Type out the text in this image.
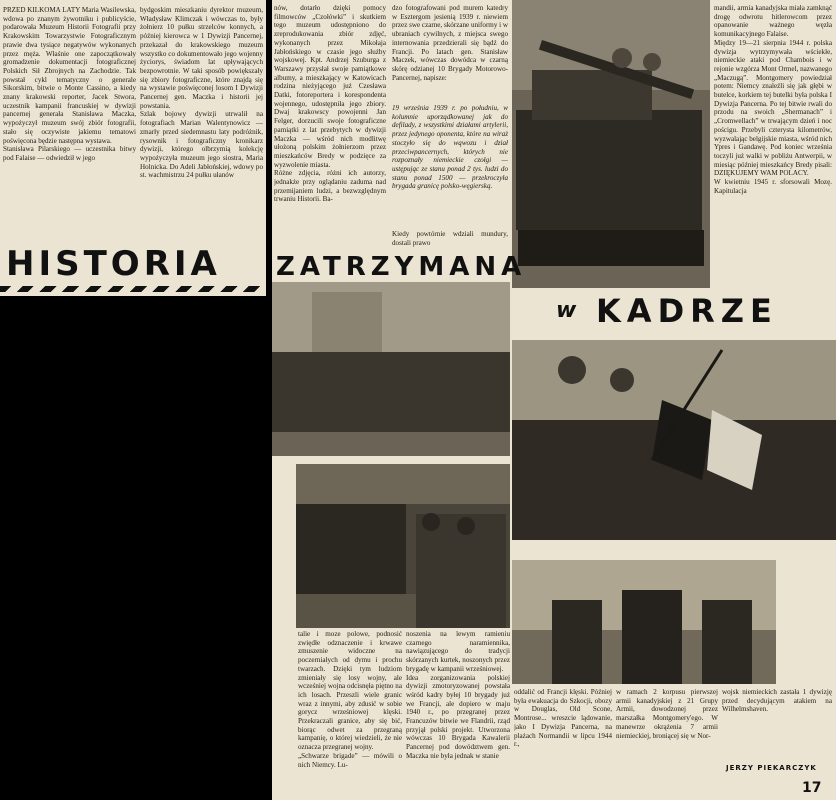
PRZED KILKOMA LATY Maria Wasilewska, wdowa po znanym żywotniku i publicyście, podarowała Muzeum Historii Fotografii przy Krakowskim Towarzystwie Fotograficznym prawie dwa tysiące negatywów wykonanych przez męża. Właśnie one zapoczątkowały gromadzenie dokumentacji fotograficznej Polskich Sił Zbrojnych na Zachodzie. Tak powstał cykl tematyczny o generale Sikorskim, bitwie o Monte Cassino, a kiedy znany krakowski reporter, Jacek Stwora, uczestnik kampanii francuskiej w dywizji pancernej generała Stanisława Maczka, wypożyczył muzeum swój zbiór fotografii, stało się oczywiste jakiemu tematowi poświęcona będzie następna wystawa.
Stanisława Pilarskiego — uczestnika bitwy pod Falaise — odwiedził w jego
bydgoskim mieszkaniu dyrektor muzeum, Władysław Klimczak i wówczas to, były żołnierz 10 pułku strzelców konnych, a później kierowca w 1 Dywizji Pancernej, przekazał do krakowskiego muzeum wszystko co dokumentowało jego wojenny życiorys, świadom lat upływających bezpowrotnie. W taki sposób powiększały się zbiory fotograficzne, które znajdą się na wystawie poświęconej losom I Dywizji Pancernej gen. Maczka i historii jej powstania.
Szlak bojowy dywizji utrwalił na fotografiach Marian Walentynowicz — zmarły przed siedemnastu laty podróżnik, rysownik i fotograficzny kronikarz dywizji, którego olbrzymią kolekcję wypożyczyła muzeum jego siostra, Maria Holnicka. Do Adeli Jabłońskiej, wdowy po st. wachmistrzu 24 pułku ułanów
HISTORIA
nów, dotarło dzięki pomocy filmowców „Czołówki” i skutkiem tego muzeum udostępniono do zreprodukowania zbiór zdjęć, wykonanych przez Mikołaja Jabłońskiego w czasie jego służby wojskowej. Kpt. Andrzej Szuburga z Warszawy przysłał swoje pamiątkowe albumy, a mieszkający w Katowicach rodzina nieżyjącego już Czesława Datki, fotoreportera i korespondenta wojennego, udostępniła jego zbiory. Dwaj krakowscy powojenni Jan Felger, dorzucili swoje fotograficzne pamiątki z lat przebytych w dywizji Maczka — wśród nich modlitwę ułożoną polskim żołnierzom przez mieszkańców Bredy w podzięce za wyzwolenie miasta.
Różne zdjęcia, różni ich autorzy, jednakże przy oglądaniu zaduma nad przemijaniem ludzi, a bezwzględnym trwaniu Historii. Ba-
dzo fotografowani pod murem katedry w Esztergom jesienią 1939 r. niewiem przez swe czarne, skórzane uniformy i w ubraniach cywilnych, z miejsca swego internowania przedzierali się bądź do Francji. Po latach gen. Stanisław Maczek, wówczas dowódca w czarną skórę odzianej 10 Brygady Motorowo-Pancernej, napisze:
19 września 1939 r. po południu, w kolumnie uporządkowanej jak do defilady, z wszystkimi działami artylerii, przez jedynego oponenta, które na wiraż stoczyło się do wąwozu i dział przeciwpancernych, których nie rozpoznały niemieckie czołgi — ustępując ze stanu ponad 2 tys. ludzi do stanu ponad 1500 — przekroczyła brygada granicę polsko-węgierską.
Kiedy powtórnie wdziali mundury, dostali prawo
mandii, armia kanadyjska miała zamknąć drogę odwrotu hitlerowcom przez opanowanie ważnego węzła komunikacyjnego Falaise.
Między 19—21 sierpnia 1944 r. polska dywizja wytrzymywała wściekłe, niemieckie ataki pod Chambois i w rejonie wzgórza Mont Ormel, nazwanego „Maczugą”. Montgomery powiedział potem: Niemcy znaleźli się jak głębi w butelce, korkiem tej butelki była polska I Dywizja Pancerna. Po tej bitwie rwali do przodu na swoich „Shermanach” i „Cromwellach” w trwającym dzień i noc pościgu. Przebyli czterysta kilometrów, wyzwalając belgijskie miasta, wśród nich Ypres i Gandawę. Pod koniec września toczyli już walki w pobliżu Antwerpii, w miesiąc później mieszkańcy Bredy pisali: DZIĘKUJEMY WAM POLACY.
W kwietniu 1945 r. sforsowali Mozę. Kapitulacja
ZATRZYMANA
w KADRZE
talie i moze polowe, podnosić zwiędłe odznaczenie i krwawe zmuszenie widoczne na poczerniałych od dymu i prochu twarzach. Dzięki tym ludziom zmieniały się losy wojny, ale wcześniej wojna odcisnęła piętno na ich losach. Przeszli wiele granic wraz z innymi, aby zdusić w sobie gorycz wrześniowej klęski. Przekraczali granice, aby się bić, biorąc odwet za przegraną kampanię, o której wiedzieli, że nie oznacza przegranej wojny.
„Schwarze brigade” — mówili o nich Niemcy. Lu-
noszenia na lewym ramieniu czarnego naramiennika, nawiązującego do tradycji skórzanych kurtek, noszonych przez brygadę w kampanii wrześniowej.
Idea zorganizowania polskiej dywizji zmotoryzowanej powstała wśród kadry byłej 10 brygady już we Francji, ale dopiero w maju 1940 r., po przegranej przez Francuzów bitwie we Flandrii, rząd przyjął polski projekt. Utworzona wówczas 10 Brygada Kawalerii Pancernej pod dowództwem gen. Maczka nie była jednak w stanie
oddalić od Francji klęski. Później była ewakuacja do Szkocji, obozy w Douglas, Old Scone, Montrose... wreszcie lądowanie, jako I Dywizja Pancerna, na plażach Normandii w lipcu 1944 r.,
w ramach 2 korpusu pierwszej armii kanadyjskiej z 21 Grupy Armii, dowodzonej przez marszałka Montgomery'ego. W manewrze okrążenia 7 armii niemieckiej, broniącej się w Nor-
wojsk niemieckich zastała 1 dywizję przed decydującym atakiem na Wilhelmshaven.
JERZY PIEKARCZYK
17
